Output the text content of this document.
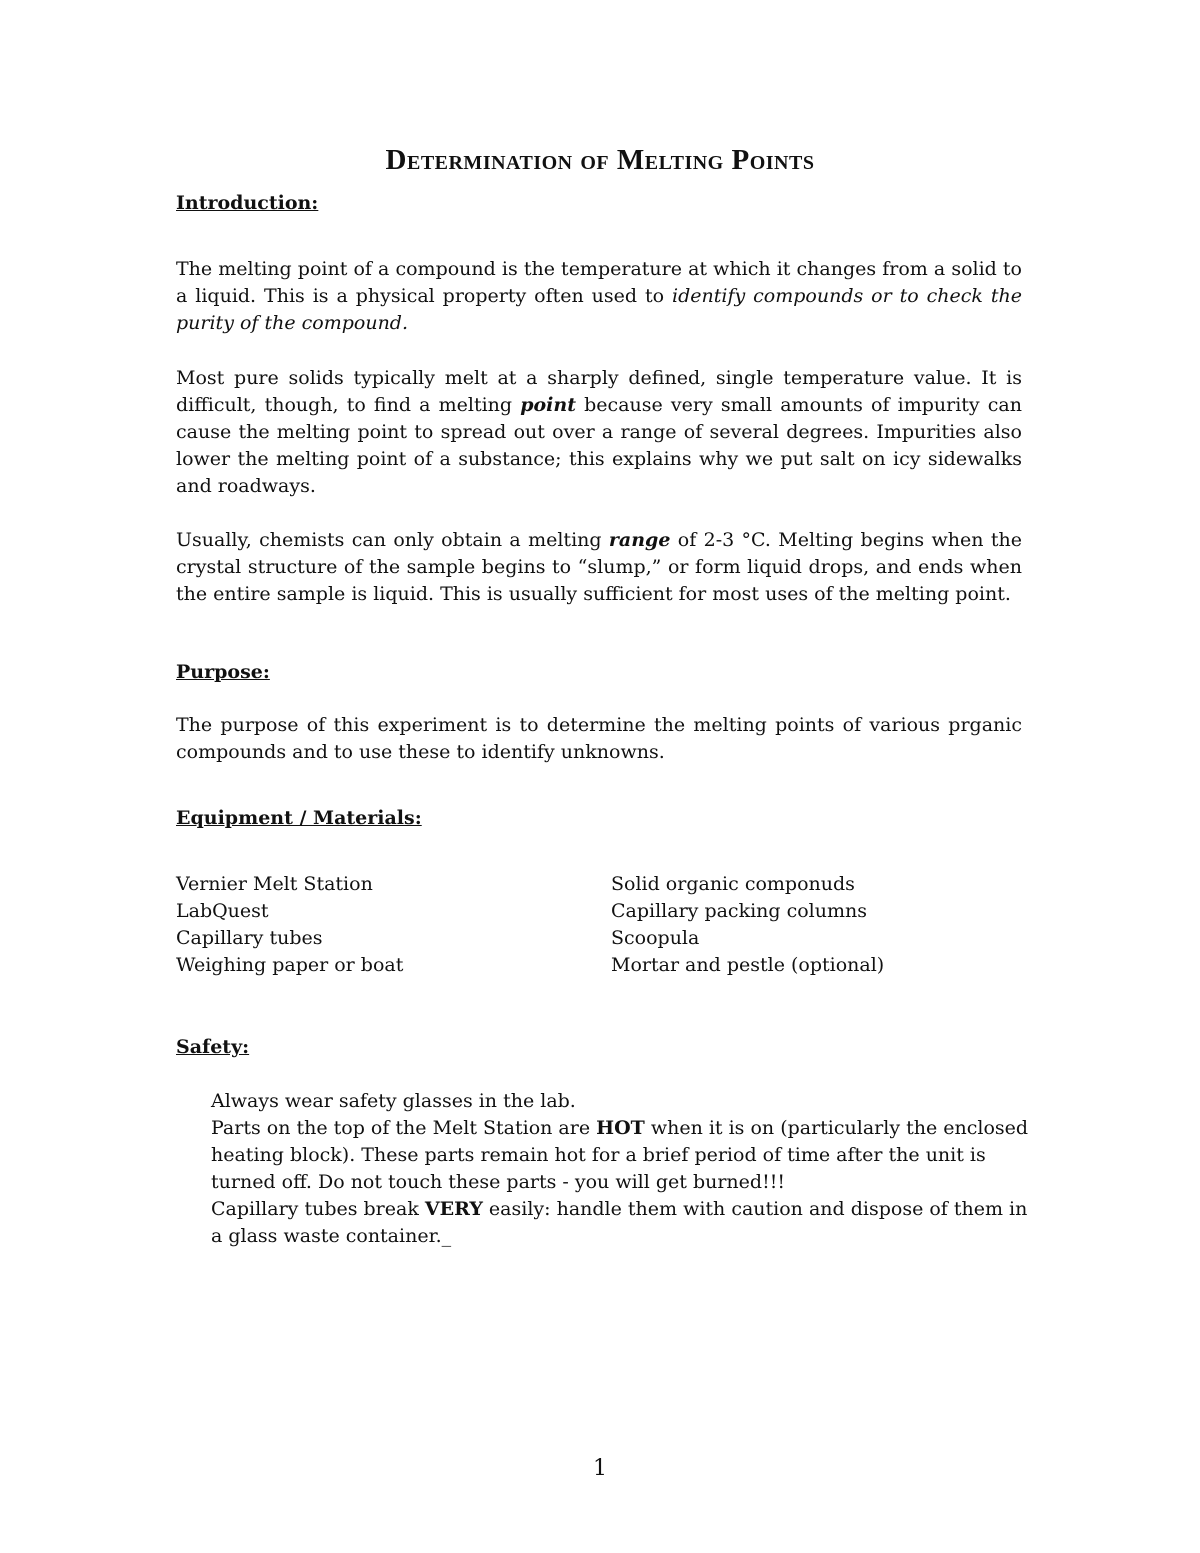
Determination of Melting Points
Introduction:
The melting point of a compound is the temperature at which it changes from a solid to a liquid. This is a physical property often used to identify compounds or to check the purity of the compound.
Most pure solids typically melt at a sharply defined, single temperature value. It is difficult, though, to find a melting point because very small amounts of impurity can cause the melting point to spread out over a range of several degrees. Impurities also lower the melting point of a substance; this explains why we put salt on icy sidewalks and roadways.
Usually, chemists can only obtain a melting range of 2-3 °C. Melting begins when the crystal structure of the sample begins to “slump,” or form liquid drops, and ends when the entire sample is liquid. This is usually sufficient for most uses of the melting point.
Purpose:
The purpose of this experiment is to determine the melting points of various prganic compounds and to use these to identify unknowns.
Equipment / Materials:
Vernier Melt Station
LabQuest
Capillary tubes
Weighing paper or boat
Solid organic componuds
Capillary packing columns
Scoopula
Mortar and pestle (optional)
Safety:
Always wear safety glasses in the lab.
Parts on the top of the Melt Station are HOT when it is on (particularly the enclosed heating block). These parts remain hot for a brief period of time after the unit is turned off. Do not touch these parts - you will get burned!!!
Capillary tubes break VERY easily: handle them with caution and dispose of them in a glass waste container._
1
